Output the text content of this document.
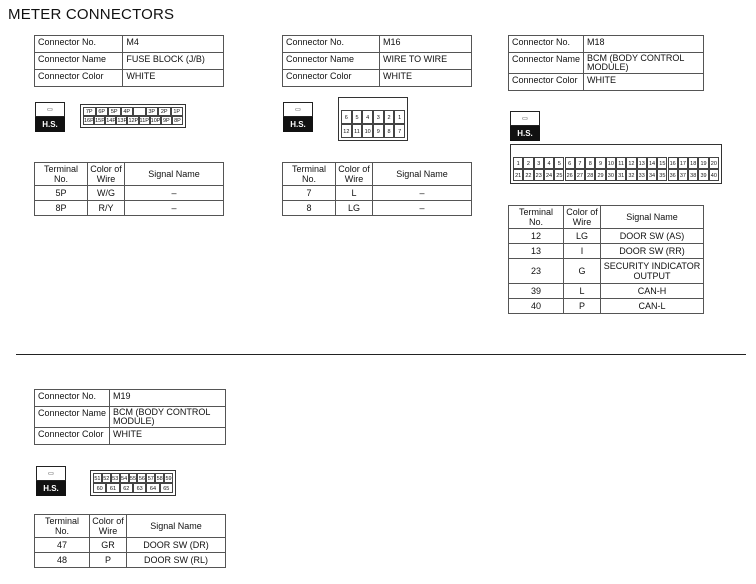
METER CONNECTORS
Connector No.	M4
Connector Name	FUSE BLOCK (J/B)
Connector Color	WHITE
▭
H.S.
7P	6P	5P	4P	3P	2P	1P
16P 15P 14P 13P 12P 11P 10P 9P 8P
Terminal No.	Color of Wire	Signal Name
5P	W/G	–
8P	R/Y	–
Connector No.	M16
Connector Name	WIRE TO WIRE
Connector Color	WHITE
▭
H.S.
6	5	4	3	2	1
12 11 10	9	8	7
Terminal No.	Color of Wire	Signal Name
7	L	–
8	LG	–
Connector No.	M18
Connector Name	BCM (BODY CONTROL MODULE)
Connector Color	WHITE
▭
H.S.
1	2	3	4	5	6	7	8	9	10 11 12 13 14 15 16 17 18 19 20
21 22 23 24 25 26 27 28 29 30 31 32 33 34 35 36 37 38 39 40
Terminal No.	Color of Wire	Signal Name
12	LG	DOOR SW (AS)
13	I	DOOR SW (RR)
23	G	SECURITY INDICATOR OUTPUT
39	L	CAN-H
40	P	CAN-L
Connector No.	M19
Connector Name	BCM (BODY CONTROL MODULE)
Connector Color	WHITE
▭
H.S.
51 52 53 54 55 56 57 58 59
60	61	62	63	64	65
Terminal No.	Color of Wire	Signal Name
47	GR	DOOR SW (DR)
48	P	DOOR SW (RL)
